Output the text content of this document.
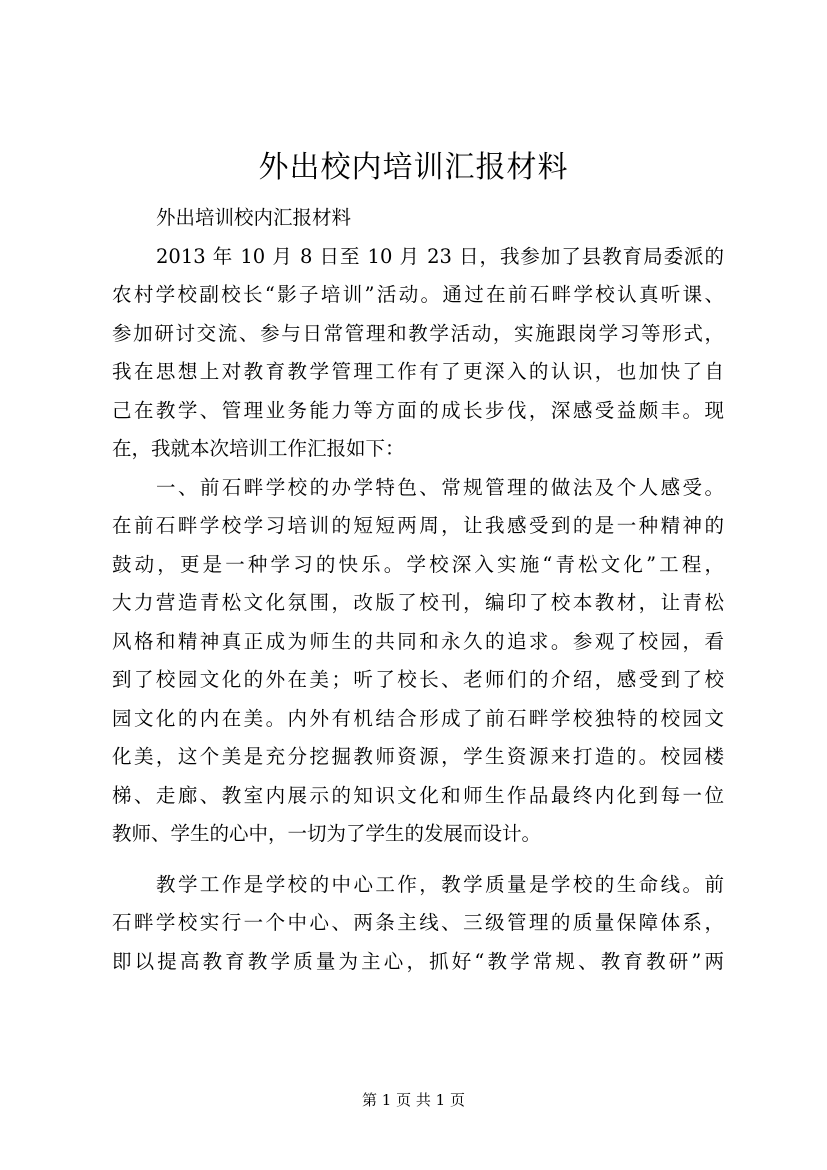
外出校内培训汇报材料
外出培训校内汇报材料
2013 年 10 月 8 日至 10 月 23 日，我参加了县教育局委派的
农村学校副校长“影子培训”活动。通过在前石畔学校认真听课、
参加研讨交流、参与日常管理和教学活动，实施跟岗学习等形式，
我在思想上对教育教学管理工作有了更深入的认识，也加快了自
己在教学、管理业务能力等方面的成长步伐，深感受益颇丰。现
在，我就本次培训工作汇报如下：
一、前石畔学校的办学特色、常规管理的做法及个人感受。
在前石畔学校学习培训的短短两周，让我感受到的是一种精神的
鼓动，更是一种学习的快乐。学校深入实施“青松文化”工程，
大力营造青松文化氛围，改版了校刊，编印了校本教材，让青松
风格和精神真正成为师生的共同和永久的追求。参观了校园，看
到了校园文化的外在美；听了校长、老师们的介绍，感受到了校
园文化的内在美。内外有机结合形成了前石畔学校独特的校园文
化美，这个美是充分挖掘教师资源，学生资源来打造的。校园楼
梯、走廊、教室内展示的知识文化和师生作品最终内化到每一位
教师、学生的心中，一切为了学生的发展而设计。
教学工作是学校的中心工作，教学质量是学校的生命线。前
石畔学校实行一个中心、两条主线、三级管理的质量保障体系，
即以提高教育教学质量为主心，抓好“教学常规、教育教研”两
第 1 页 共 1 页
